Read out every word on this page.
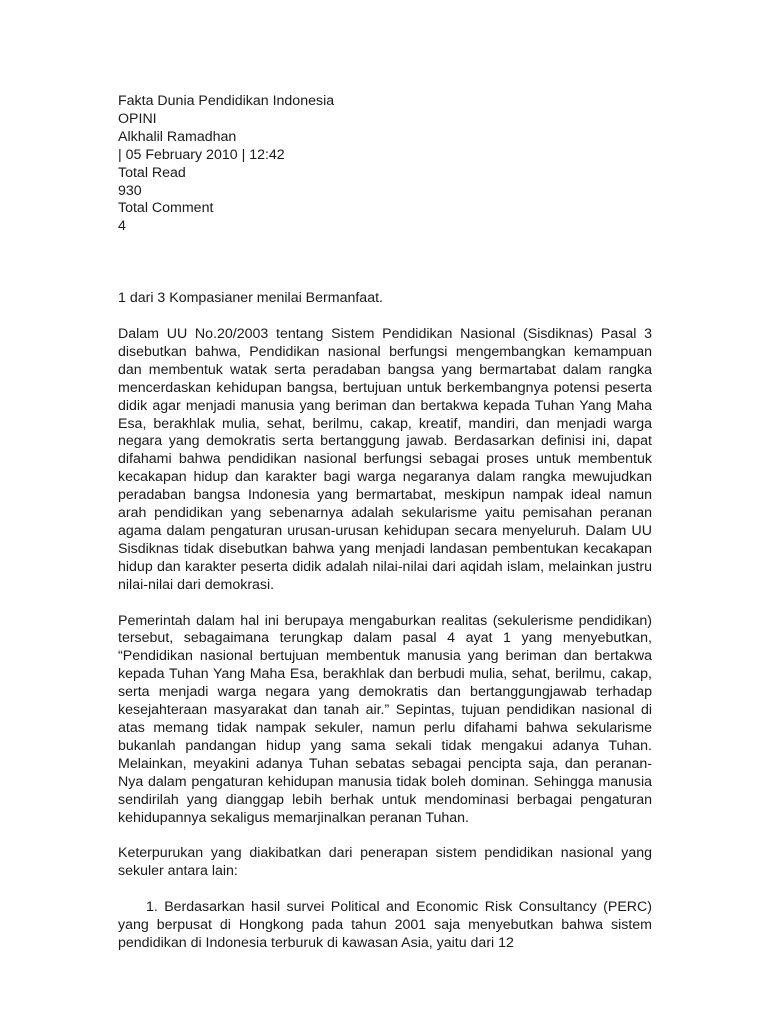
Fakta Dunia Pendidikan Indonesia
OPINI
Alkhalil Ramadhan
| 05 February 2010 | 12:42
Total Read
930
Total Comment
4
1 dari 3 Kompasianer menilai Bermanfaat.

Dalam UU No.20/2003 tentang Sistem Pendidikan Nasional (Sisdiknas) Pasal 3 disebutkan bahwa, Pendidikan nasional berfungsi mengembangkan kemampuan dan membentuk watak serta peradaban bangsa yang bermartabat dalam rangka mencerdaskan kehidupan bangsa, bertujuan untuk berkembangnya potensi peserta didik agar menjadi manusia yang beriman dan bertakwa kepada Tuhan Yang Maha Esa, berakhlak mulia, sehat, berilmu, cakap, kreatif, mandiri, dan menjadi warga negara yang demokratis serta bertanggung jawab. Berdasarkan definisi ini, dapat difahami bahwa pendidikan nasional berfungsi sebagai proses untuk membentuk kecakapan hidup dan karakter bagi warga negaranya dalam rangka mewujudkan peradaban bangsa Indonesia yang bermartabat, meskipun nampak ideal namun arah pendidikan yang sebenarnya adalah sekularisme yaitu pemisahan peranan agama dalam pengaturan urusan-urusan kehidupan secara menyeluruh. Dalam UU Sisdiknas tidak disebutkan bahwa yang menjadi landasan pembentukan kecakapan hidup dan karakter peserta didik adalah nilai-nilai dari aqidah islam, melainkan justru nilai-nilai dari demokrasi.

Pemerintah dalam hal ini berupaya mengaburkan realitas (sekulerisme pendidikan) tersebut, sebagaimana terungkap dalam pasal 4 ayat 1 yang menyebutkan, “Pendidikan nasional bertujuan membentuk manusia yang beriman dan bertakwa kepada Tuhan Yang Maha Esa, berakhlak dan berbudi mulia, sehat, berilmu, cakap, serta menjadi warga negara yang demokratis dan bertanggungjawab terhadap kesejahteraan masyarakat dan tanah air.” Sepintas, tujuan pendidikan nasional di atas memang tidak nampak sekuler, namun perlu difahami bahwa sekularisme bukanlah pandangan hidup yang sama sekali tidak mengakui adanya Tuhan. Melainkan, meyakini adanya Tuhan sebatas sebagai pencipta saja, dan peranan-Nya dalam pengaturan kehidupan manusia tidak boleh dominan. Sehingga manusia sendirilah yang dianggap lebih berhak untuk mendominasi berbagai pengaturan kehidupannya sekaligus memarjinalkan peranan Tuhan.

Keterpurukan yang diakibatkan dari penerapan sistem pendidikan nasional yang sekuler antara lain:

1. Berdasarkan hasil survei Political and Economic Risk Consultancy (PERC) yang berpusat di Hongkong pada tahun 2001 saja menyebutkan bahwa sistem pendidikan di Indonesia terburuk di kawasan Asia, yaitu dari 12
